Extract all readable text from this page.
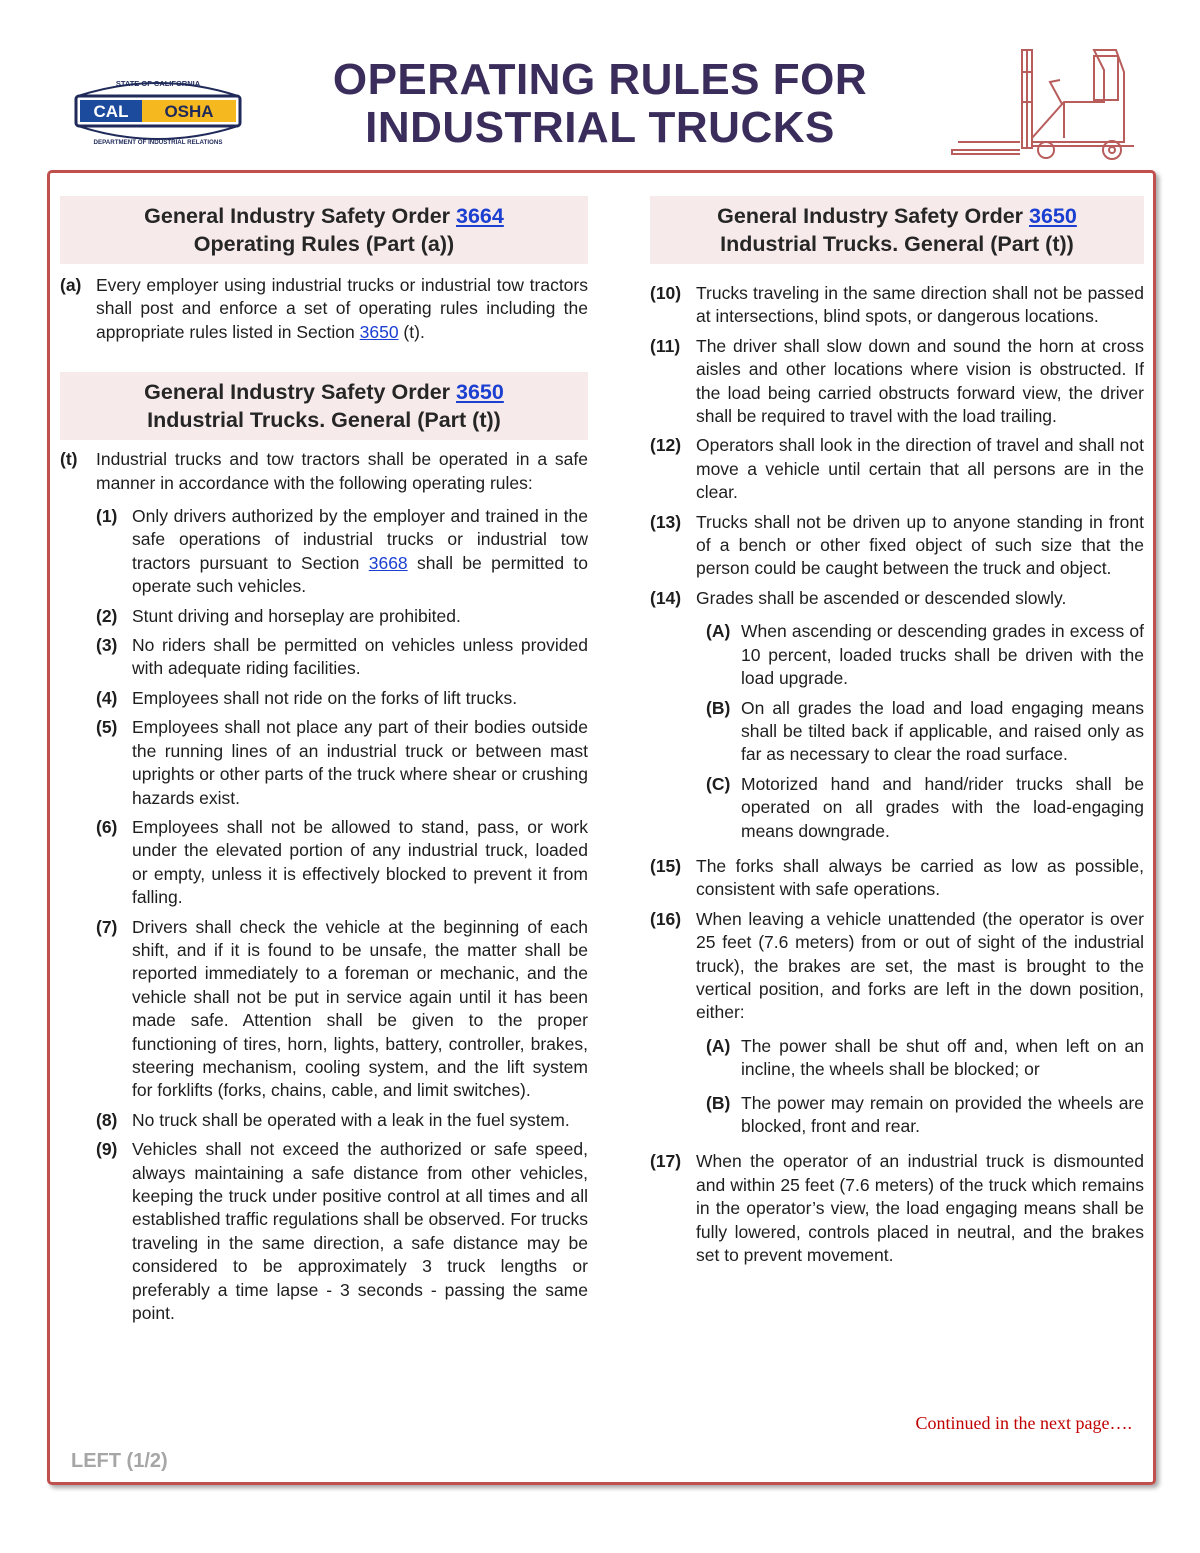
STATE OF CALIFORNIA
CAL OSHA
DEPARTMENT OF INDUSTRIAL RELATIONS
OPERATING RULES FOR
INDUSTRIAL TRUCKS
General Industry Safety Order 3664
Operating Rules (Part (a))
(a) Every employer using industrial trucks or industrial tow tractors shall post and enforce a set of operating rules including the appropriate rules listed in Section 3650 (t).
General Industry Safety Order 3650
Industrial Trucks. General (Part (t))
(t)	Industrial trucks and tow tractors shall be operated in a safe manner in accordance with the following operating rules:
(1) Only drivers authorized by the employer and trained in the safe operations of industrial trucks or industrial tow tractors pursuant to Section 3668 shall be permitted to operate such vehicles.
(2) Stunt driving and horseplay are prohibited.
(3) No riders shall be permitted on vehicles unless provided with adequate riding facilities.
(4) Employees shall not ride on the forks of lift trucks.
(5) Employees shall not place any part of their bodies outside the running lines of an industrial truck or between mast uprights or other parts of the truck where shear or crushing hazards exist.
(6) Employees shall not be allowed to stand, pass, or work under the elevated portion of any industrial truck, loaded or empty, unless it is effectively blocked to prevent it from falling.
(7) Drivers shall check the vehicle at the beginning of each shift, and if it is found to be unsafe, the matter shall be reported immediately to a foreman or mechanic, and the vehicle shall not be put in service again until it has been made safe. Attention shall be given to the proper functioning of tires, horn, lights, battery, controller, brakes, steering mechanism, cooling system, and the lift system for forklifts (forks, chains, cable, and limit switches).
(8) No truck shall be operated with a leak in the fuel system.
(9) Vehicles shall not exceed the authorized or safe speed, always maintaining a safe distance from other vehicles, keeping the truck under positive control at all times and all established traffic regulations shall be observed. For trucks traveling in the same direction, a safe distance may be considered to be approximately 3 truck lengths or preferably a time lapse - 3 seconds - passing the same point.
General Industry Safety Order 3650
Industrial Trucks. General (Part (t))
(10) Trucks traveling in the same direction shall not be passed at intersections, blind spots, or dangerous locations.
(11) The driver shall slow down and sound the horn at cross aisles and other locations where vision is obstructed. If the load being carried obstructs forward view, the driver shall be required to travel with the load trailing.
(12) Operators shall look in the direction of travel and shall not move a vehicle until certain that all persons are in the clear.
(13) Trucks shall not be driven up to anyone standing in front of a bench or other fixed object of such size that the person could be caught between the truck and object.
(14) Grades shall be ascended or descended slowly.
(A) When ascending or descending grades in excess of 10 percent, loaded trucks shall be driven with the load upgrade.
(B) On all grades the load and load engaging means shall be tilted back if applicable, and raised only as far as necessary to clear the road surface.
(C) Motorized hand and hand/rider trucks shall be operated on all grades with the load-engaging means downgrade.
(15) The forks shall always be carried as low as possible, consistent with safe operations.
(16) When leaving a vehicle unattended (the operator is over 25 feet (7.6 meters) from or out of sight of the industrial truck), the brakes are set, the mast is brought to the vertical position, and forks are left in the down position, either:
(A) The power shall be shut off and, when left on an incline, the wheels shall be blocked; or
(B) The power may remain on provided the wheels are blocked, front and rear.
(17) When the operator of an industrial truck is dismounted and within 25 feet (7.6 meters) of the truck which remains in the operator’s view, the load engaging means shall be fully lowered, controls placed in neutral, and the brakes set to prevent movement.
Continued in the next page….
LEFT (1/2)
